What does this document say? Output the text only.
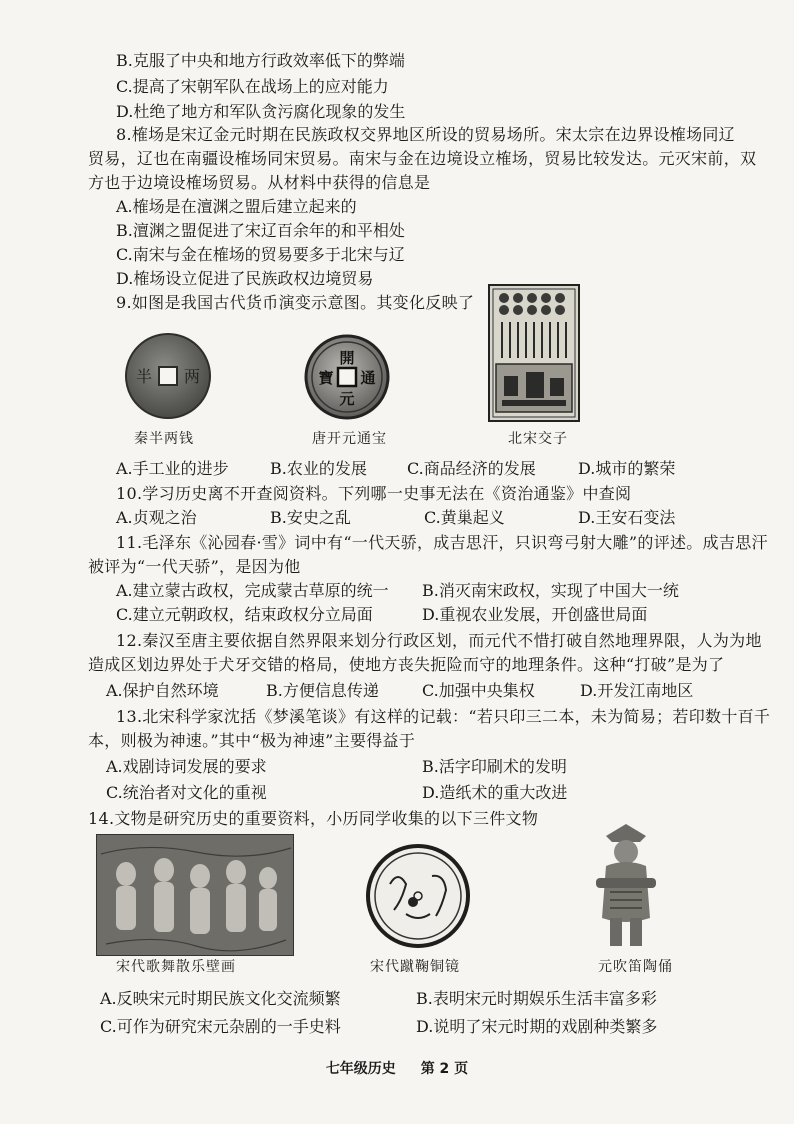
B.克服了中央和地方行政效率低下的弊端
C.提高了宋朝军队在战场上的应对能力
D.杜绝了地方和军队贪污腐化现象的发生
8.榷场是宋辽金元时期在民族政权交界地区所设的贸易场所。宋太宗在边界设榷场同辽
贸易，辽也在南疆设榷场同宋贸易。南宋与金在边境设立榷场，贸易比较发达。元灭宋前，双
方也于边境设榷场贸易。从材料中获得的信息是
A.榷场是在澶渊之盟后建立起来的
B.澶渊之盟促进了宋辽百余年的和平相处
C.南宋与金在榷场的贸易要多于北宋与辽
D.榷场设立促进了民族政权边境贸易
9.如图是我国古代货币演变示意图。其变化反映了
半 两
秦半两钱
開
元
通
寶
唐开元通宝	北宋交子
A.手工业的进步	B.农业的发展	C.商品经济的发展	D.城市的繁荣
10.学习历史离不开查阅资料。下列哪一史事无法在《资治通鉴》中查阅
A.贞观之治	B.安史之乱	C.黄巢起义	D.王安石变法
11.毛泽东《沁园春·雪》词中有“一代天骄，成吉思汗，只识弯弓射大雕”的评述。成吉思汗
被评为“一代天骄”，是因为他
A.建立蒙古政权，完成蒙古草原的统一 B.消灭南宋政权，实现了中国大一统
C.建立元朝政权，结束政权分立局面	D.重视农业发展，开创盛世局面
12.秦汉至唐主要依据自然界限来划分行政区划，而元代不惜打破自然地理界限，人为为地
造成区划边界处于犬牙交错的格局，使地方丧失扼险而守的地理条件。这种“打破”是为了
A.保护自然环境	B.方便信息传递	C.加强中央集权	D.开发江南地区
13.北宋科学家沈括《梦溪笔谈》有这样的记载：“若只印三二本，未为简易；若印数十百千
本，则极为神速。”其中“极为神速”主要得益于
A.戏剧诗词发展的要求	B.活字印刷术的发明
C.统治者对文化的重视	D.造纸术的重大改进
14.文物是研究历史的重要资料，小历同学收集的以下三件文物
宋代歌舞散乐壁画	宋代蹴鞠铜镜	元吹笛陶俑
A.反映宋元时期民族文化交流频繁	B.表明宋元时期娱乐生活丰富多彩
C.可作为研究宋元杂剧的一手史料	D.说明了宋元时期的戏剧种类繁多
七年级历史 第 2 页
